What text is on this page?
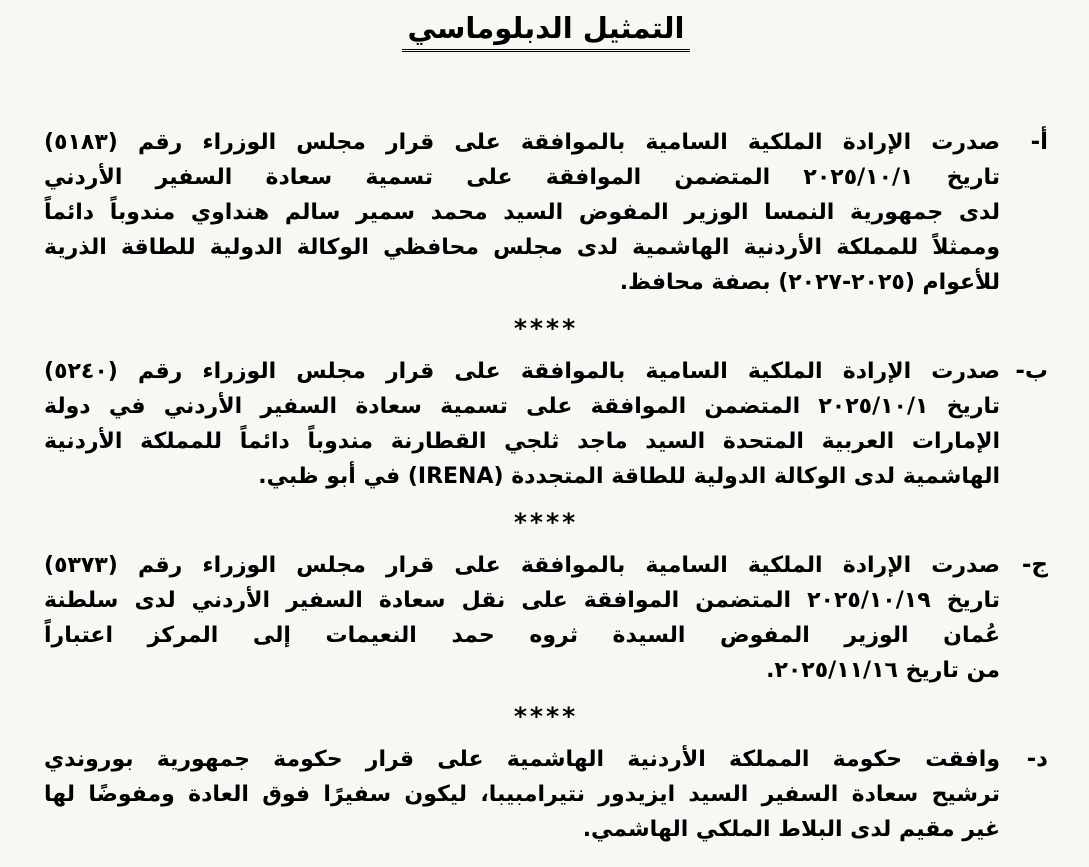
التمثيل الدبلوماسي
أ-
صدرت الإرادة الملكية السامية بالموافقة على قرار مجلس الوزراء رقم (٥١٨٣)
تاريخ ٢٠٢٥/١٠/١ المتضمن الموافقة على تسمية سعادة السفير الأردني
لدى جمهورية النمسا الوزير المفوض السيد محمد سمير سالم هنداوي مندوباً دائماً
وممثلاً للمملكة الأردنية الهاشمية لدى مجلس محافظي الوكالة الدولية للطاقة الذرية
للأعوام (٢٠٢٥-٢٠٢٧) بصفة محافظ.
****
ب-
صدرت الإرادة الملكية السامية بالموافقة على قرار مجلس الوزراء رقم (٥٢٤٠)
تاريخ ٢٠٢٥/١٠/١ المتضمن الموافقة على تسمية سعادة السفير الأردني في دولة
الإمارات العربية المتحدة السيد ماجد ثلجي القطارنة مندوباً دائماً للمملكة الأردنية
الهاشمية لدى الوكالة الدولية للطاقة المتجددة (IRENA) في أبو ظبي.
****
ج-
صدرت الإرادة الملكية السامية بالموافقة على قرار مجلس الوزراء رقم (٥٣٧٣)
تاريخ ٢٠٢٥/١٠/١٩ المتضمن الموافقة على نقل سعادة السفير الأردني لدى سلطنة
عُمان الوزير المفوض السيدة ثروه حمد النعيمات إلى المركز اعتباراً
من تاريخ ٢٠٢٥/١١/١٦.
****
د-
وافقت حكومة المملكة الأردنية الهاشمية على قرار حكومة جمهورية بوروندي
ترشيح سعادة السفير السيد ايزيدور نتيرامبيبا، ليكون سفيرًا فوق العادة ومفوضًا لها
غير مقيم لدى البلاط الملكي الهاشمي.
